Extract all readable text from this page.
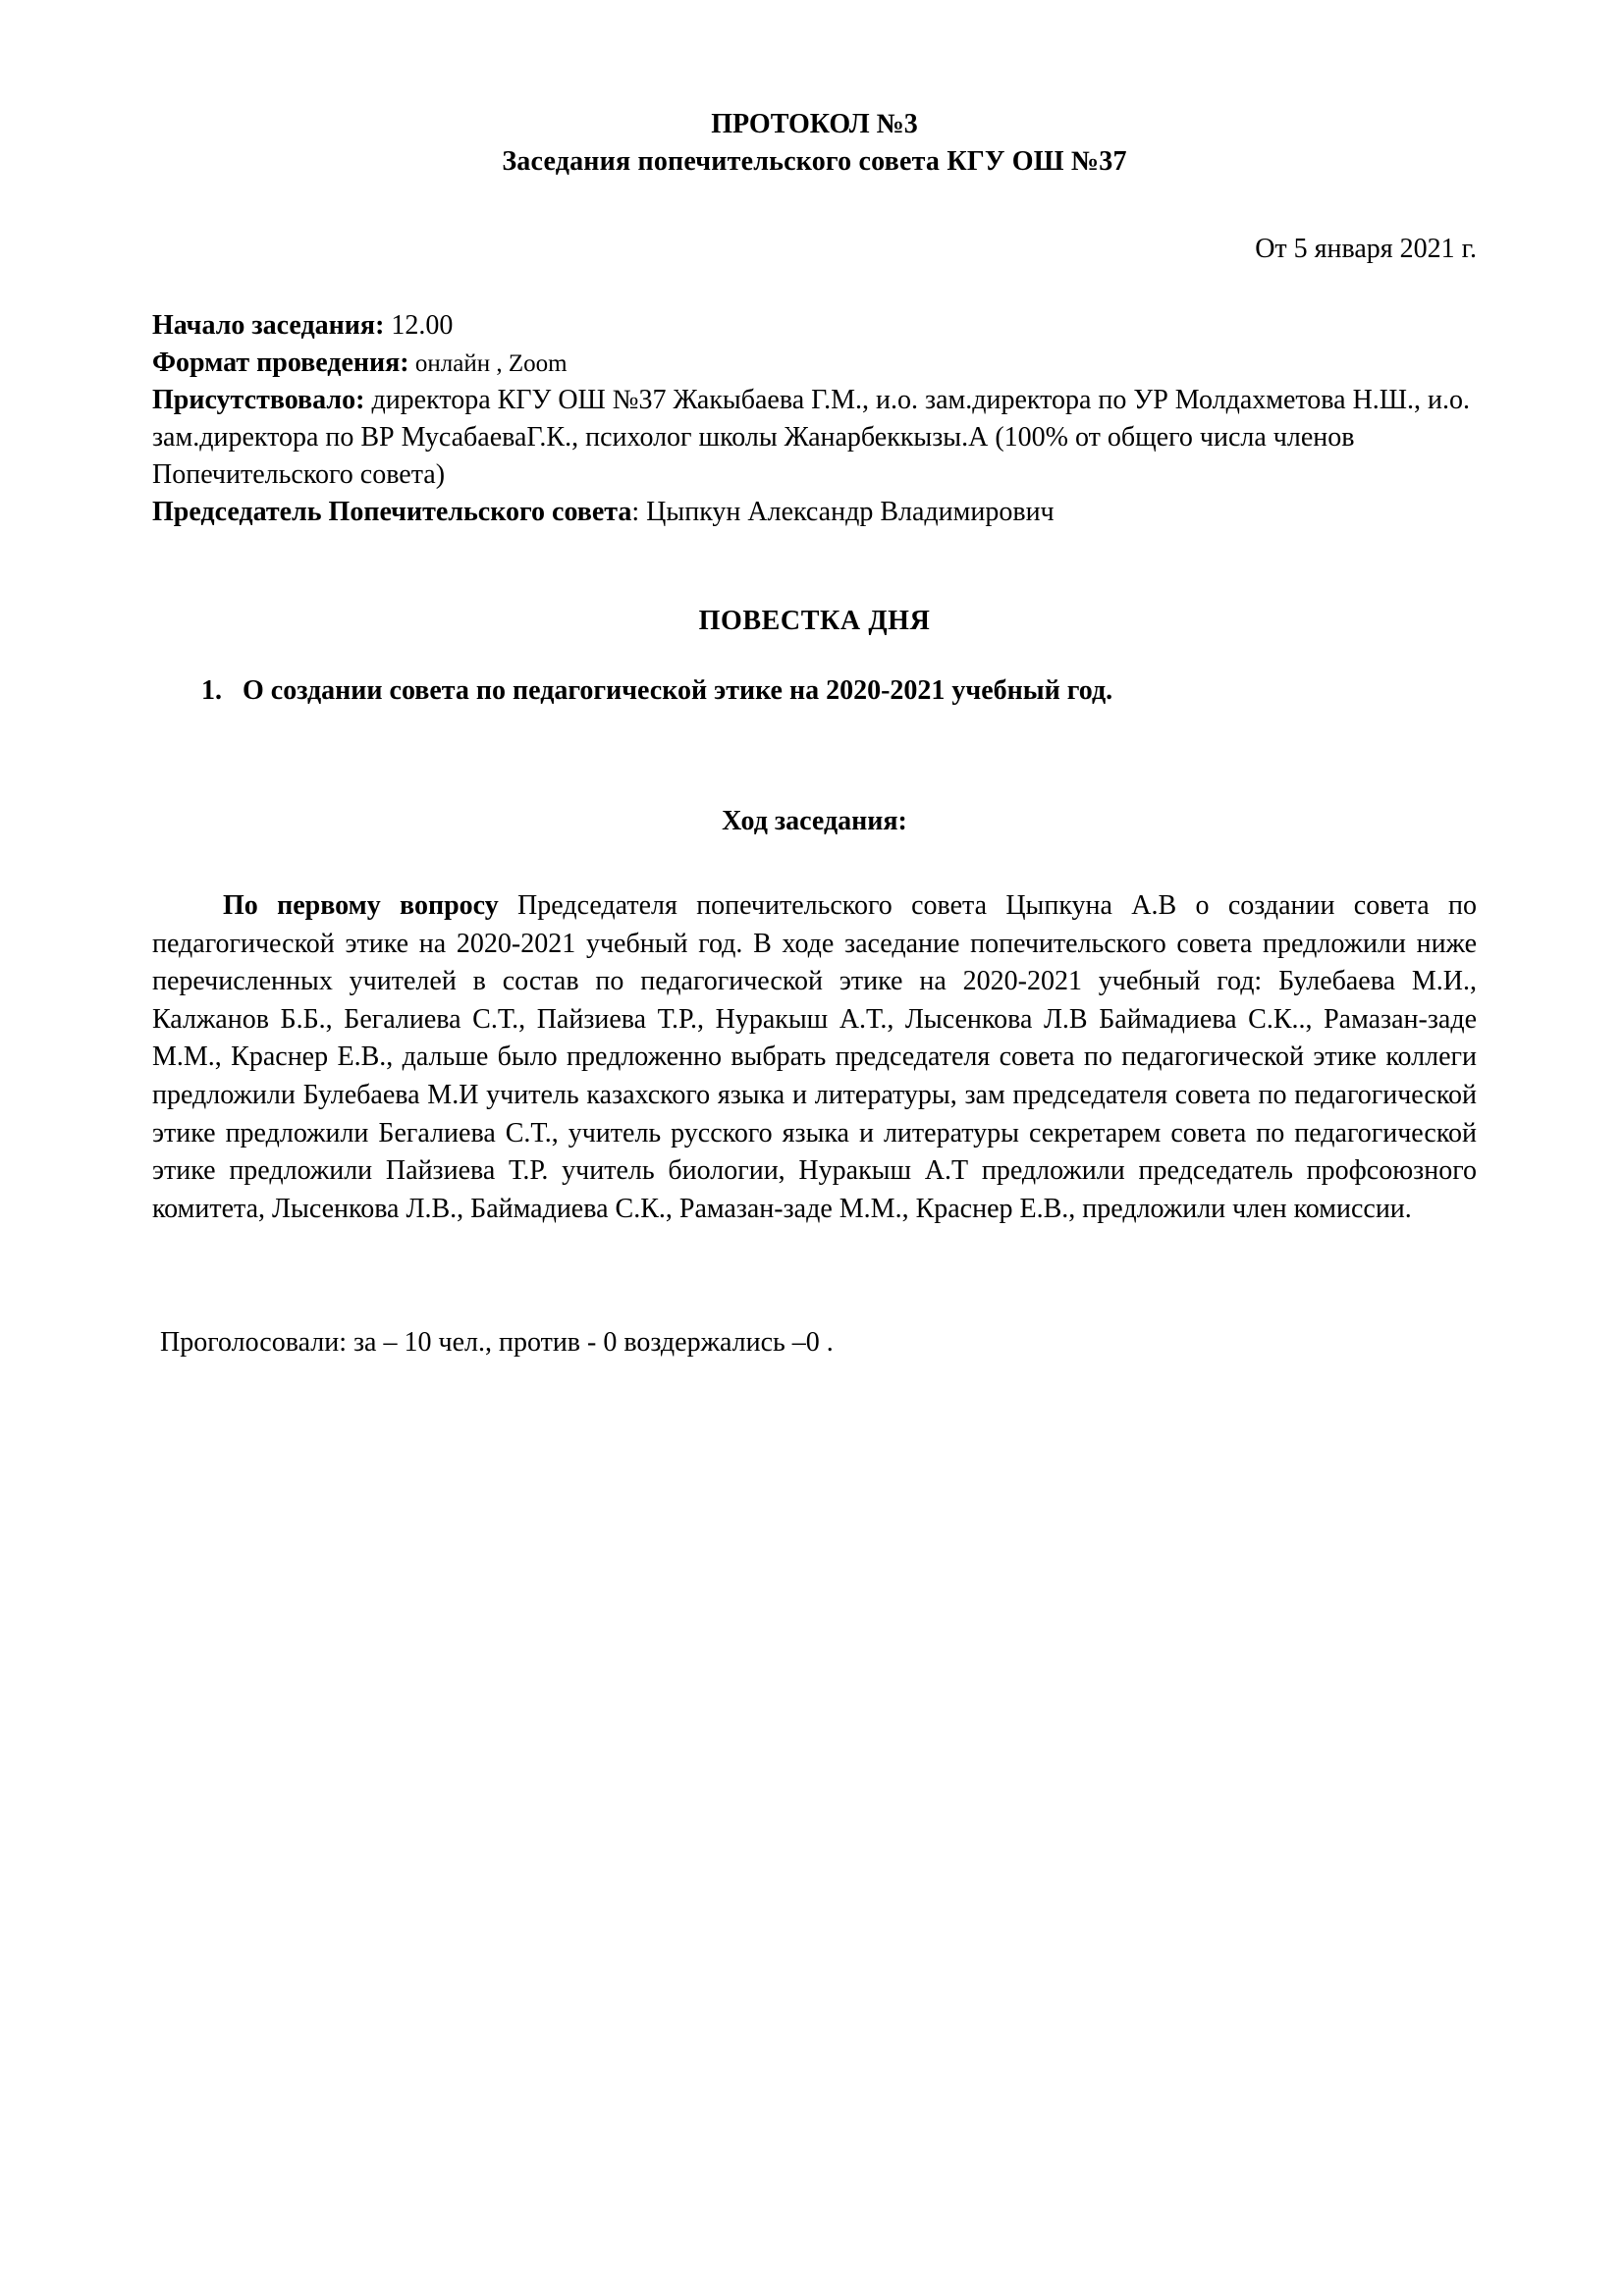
ПРОТОКОЛ №3
Заседания попечительского совета КГУ ОШ №37
От 5 января 2021 г.

Начало заседания: 12.00

Формат проведения: онлайн , Zoom

Присутствовало: директора КГУ ОШ №37 Жакыбаева Г.М., и.о. зам.директора по УР Молдахметова Н.Ш., и.о. зам.директора по ВР МусабаеваГ.К., психолог школы Жанарбеккызы.А (100% от общего числа членов Попечительского совета)

Председатель Попечительского совета: Цыпкун Александр Владимирович

ПОВЕСТКА ДНЯ
1. О создании совета по педагогической этике на 2020-2021 учебный год.
Ход заседания:

По первому вопросу Председателя попечительского совета Цыпкуна А.В о создании совета по педагогической этике на 2020-2021 учебный год. В ходе заседание попечительского совета предложили ниже перечисленных учителей в состав по педагогической этике на 2020-2021 учебный год: Булебаева М.И., Калжанов Б.Б., Бегалиева С.Т., Пайзиева Т.Р., Нуракыш А.Т., Лысенкова Л.В Баймадиева С.К.., Рамазан-заде М.М., Краснер Е.В., дальше было предложенно выбрать председателя совета по педагогической этике коллеги предложили Булебаева М.И учитель казахского языка и литературы, зам председателя совета по педагогической этике предложили Бегалиева С.Т., учитель русского языка и литературы секретарем совета по педагогической этике предложили Пайзиева Т.Р. учитель биологии, Нуракыш А.Т предложили председатель профсоюзного комитета, Лысенкова Л.В., Баймадиева С.К., Рамазан-заде М.М., Краснер Е.В., предложили член комиссии.

Проголосовали: за – 10 чел., против - 0 воздержались –0 .
